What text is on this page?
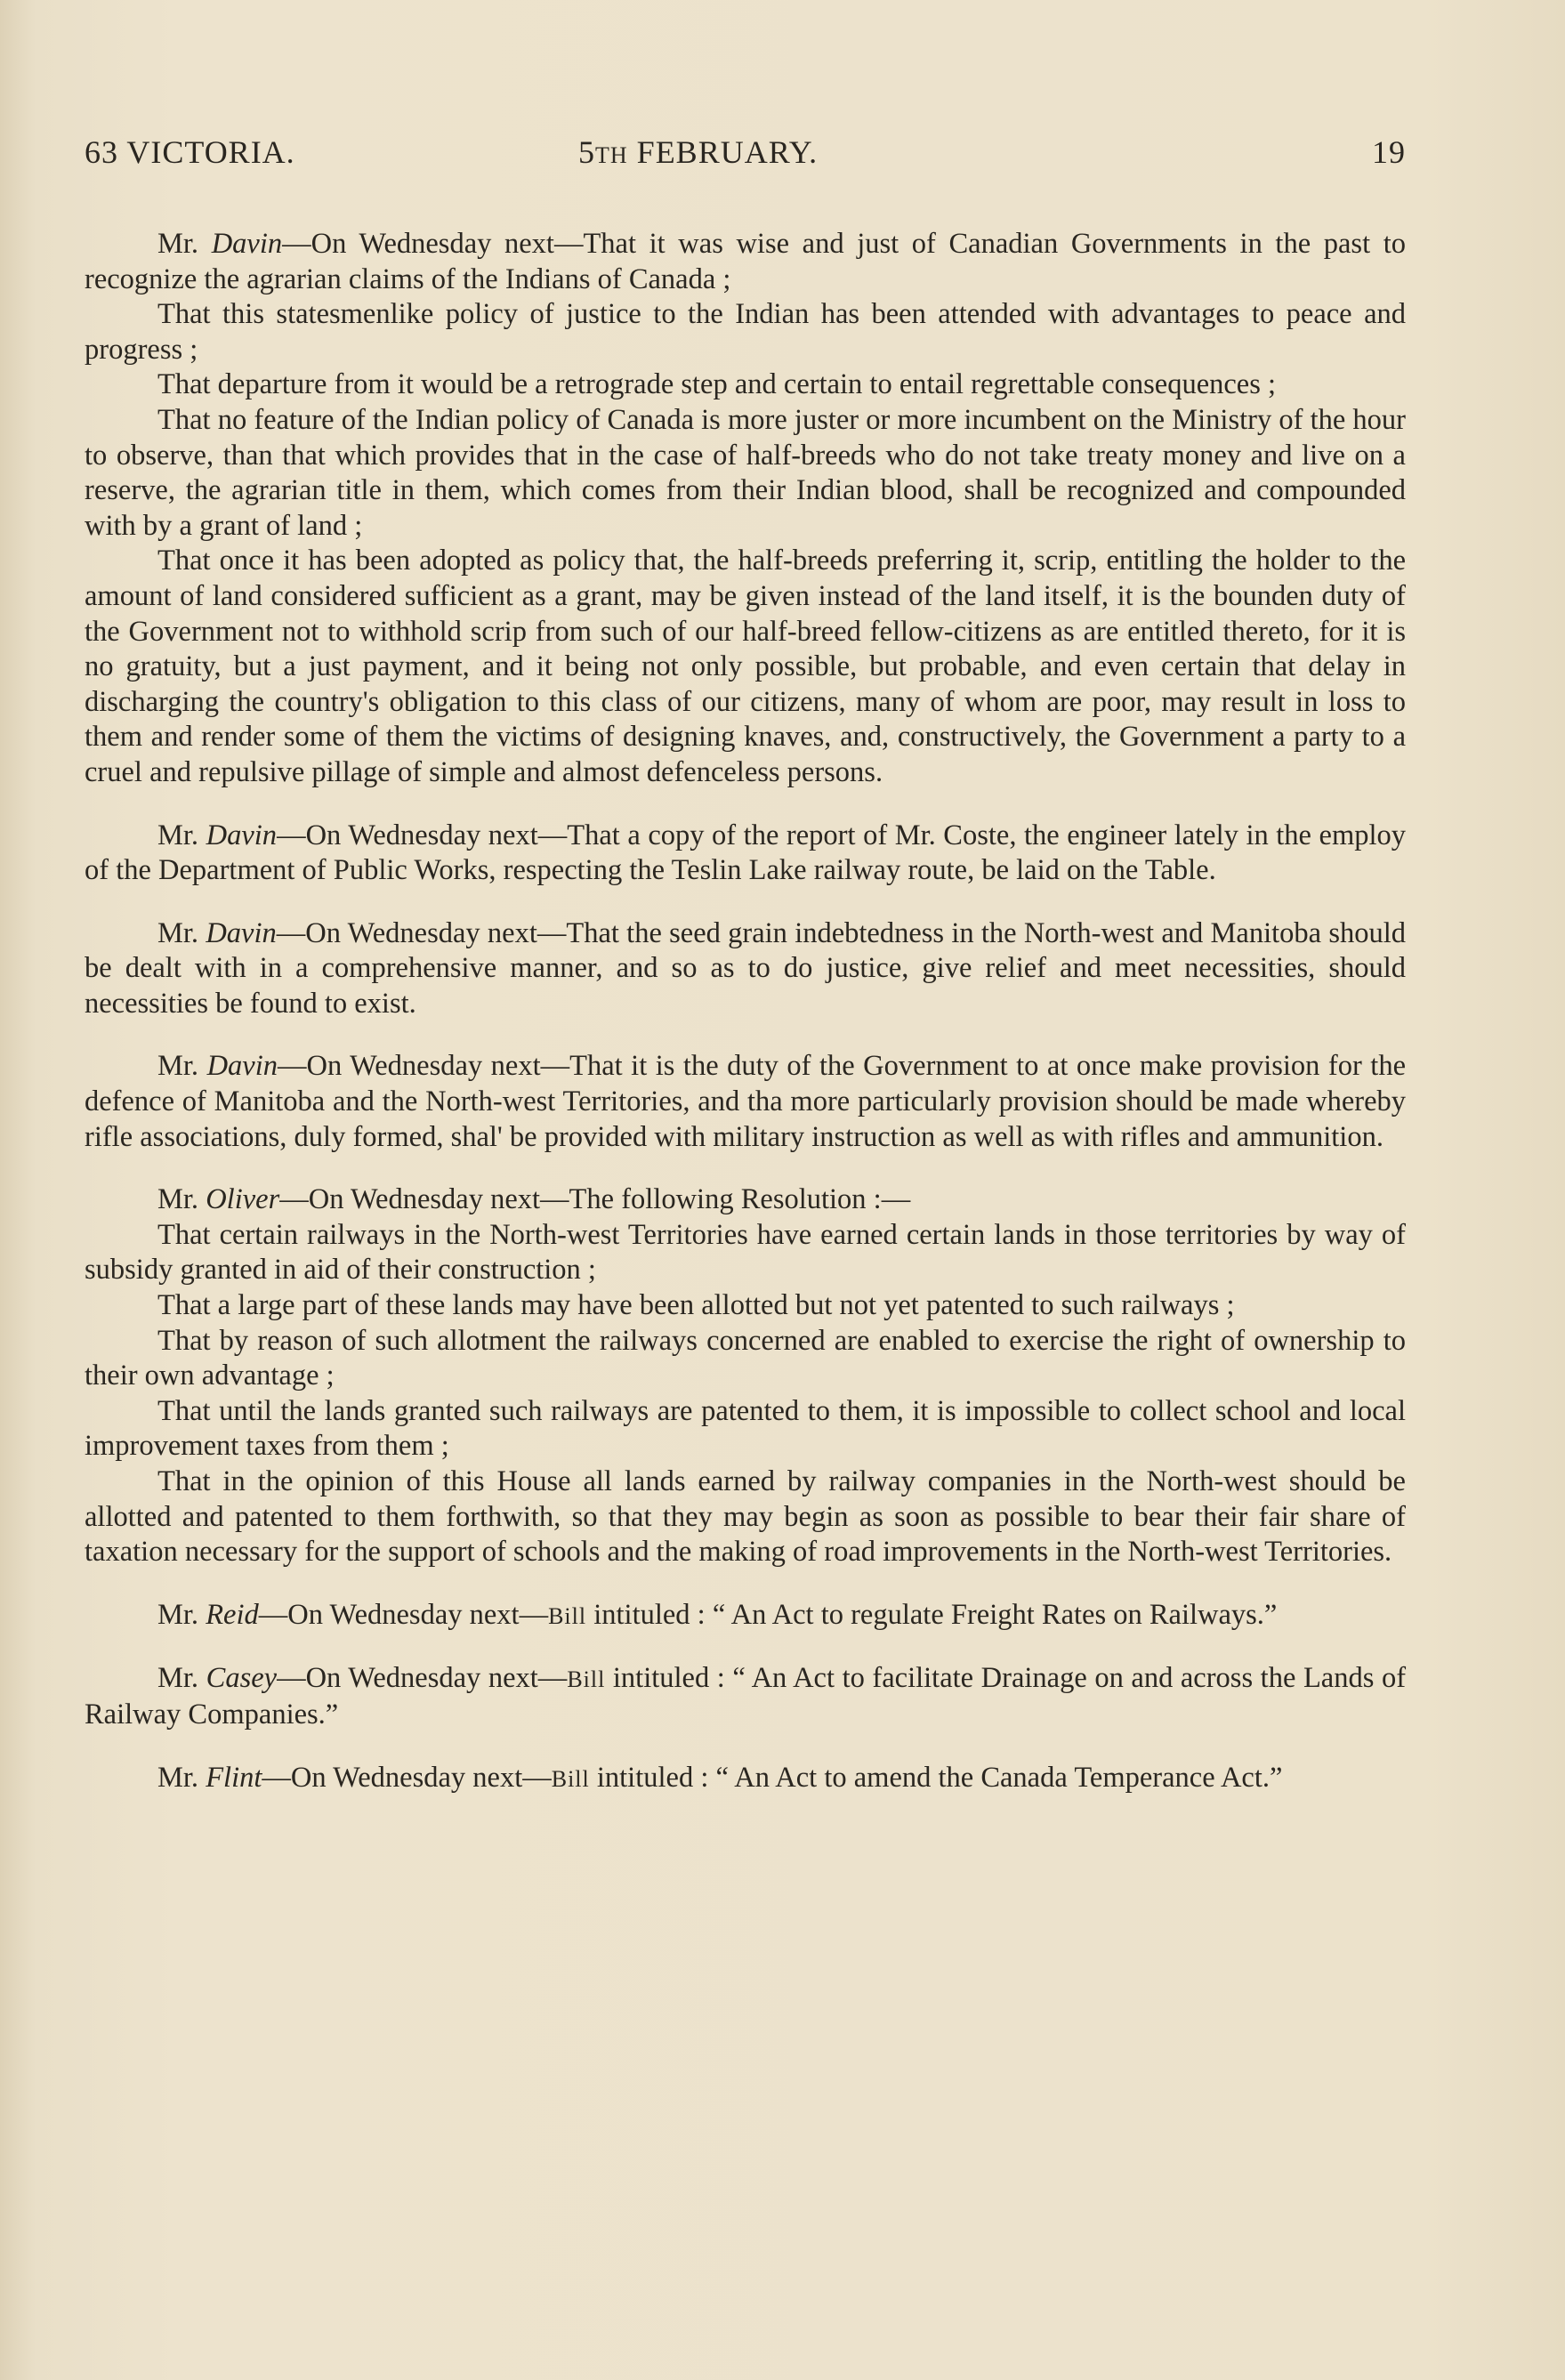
63 VICTORIA.	5TH FEBRUARY.	19

Mr. Davin—On Wednesday next—That it was wise and just of Canadian Governments in the past to recognize the agrarian claims of the Indians of Canada ;

That this statesmenlike policy of justice to the Indian has been attended with advantages to peace and progress ;

That departure from it would be a retrograde step and certain to entail regrettable consequences ;

That no feature of the Indian policy of Canada is more juster or more incumbent on the Ministry of the hour to observe, than that which provides that in the case of half-breeds who do not take treaty money and live on a reserve, the agrarian title in them, which comes from their Indian blood, shall be recognized and compounded with by a grant of land ;

That once it has been adopted as policy that, the half-breeds preferring it, scrip, entitling the holder to the amount of land considered sufficient as a grant, may be given instead of the land itself, it is the bounden duty of the Government not to withhold scrip from such of our half-breed fellow-citizens as are entitled thereto, for it is no gratuity, but a just payment, and it being not only possible, but probable, and even certain that delay in discharging the country's obligation to this class of our citizens, many of whom are poor, may result in loss to them and render some of them the victims of designing knaves, and, constructively, the Government a party to a cruel and repulsive pillage of simple and almost defenceless persons.

Mr. Davin—On Wednesday next—That a copy of the report of Mr. Coste, the engineer lately in the employ of the Department of Public Works, respecting the Teslin Lake railway route, be laid on the Table.

Mr. Davin—On Wednesday next—That the seed grain indebtedness in the North-west and Manitoba should be dealt with in a comprehensive manner, and so as to do justice, give relief and meet necessities, should necessities be found to exist.

Mr. Davin—On Wednesday next—That it is the duty of the Government to at once make provision for the defence of Manitoba and the North-west Territories, and tha more particularly provision should be made whereby rifle associations, duly formed, shal' be provided with military instruction as well as with rifles and ammunition.

Mr. Oliver—On Wednesday next—The following Resolution :—

That certain railways in the North-west Territories have earned certain lands in those territories by way of subsidy granted in aid of their construction ;

That a large part of these lands may have been allotted but not yet patented to such railways ;

That by reason of such allotment the railways concerned are enabled to exercise the right of ownership to their own advantage ;

That until the lands granted such railways are patented to them, it is impossible to collect school and local improvement taxes from them ;

That in the opinion of this House all lands earned by railway companies in the North-west should be allotted and patented to them forthwith, so that they may begin as soon as possible to bear their fair share of taxation necessary for the support of schools and the making of road improvements in the North-west Territories.

Mr. Reid—On Wednesday next—Bill intituled : “ An Act to regulate Freight Rates on Railways.”

Mr. Casey—On Wednesday next—Bill intituled : “ An Act to facilitate Drainage on and across the Lands of Railway Companies.”

Mr. Flint—On Wednesday next—Bill intituled : “ An Act to amend the Canada Temperance Act.”
